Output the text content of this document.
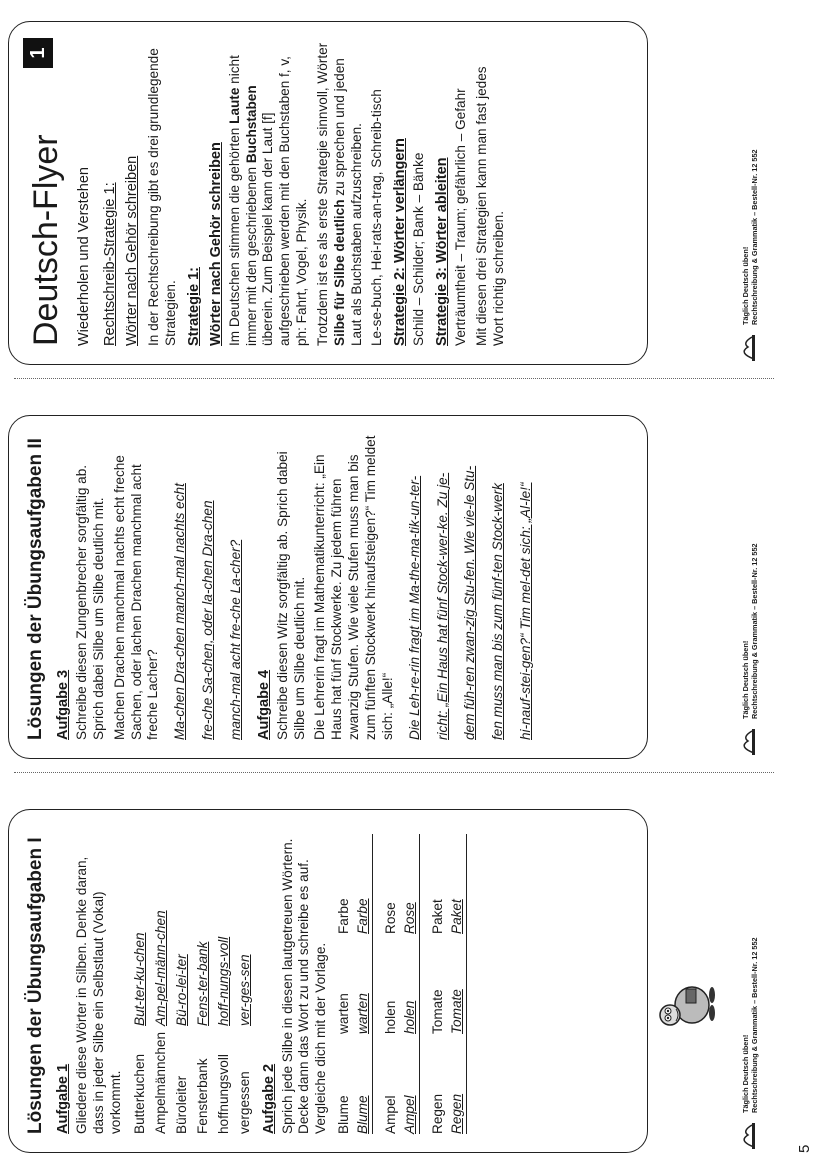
Lösungen der Übungsaufgaben I Aufgabe 1 Gliedere diese Wörter in Silben. Denke daran, dass in jeder Silbe ein Selbstlaut (Vokal) vorkommt. Butterkuchen	But-ter-ku-chen
Ampelmännchen	Am-pel-männ-chen
Büroleiter	Bü-ro-lei-ter
Fensterbank	Fens-ter-bank
hoffnungsvoll	hoff-nungs-voll
vergessen	ver-ges-sen
Aufgabe 2 Sprich jede Silbe in diesen lautgetreuen Wörtern. Decke dann das Wort zu und schreibe es auf. Vergleiche dich mit der Vorlage. Blume	warten	Farbe
Blume	warten	Farbe
Ampel	holen	Rose
Ampel	holen	Rose
Regen	Tomate	Paket
Regen	Tomate	Paket
Täglich Deutsch üben! Rechtschreibung & Grammatik – Bestell-Nr. 12 552
Lösungen der Übungsaufgaben II Aufgabe 3 Schreibe diesen Zungenbrecher sorgfältig ab. Sprich dabei Silbe um Silbe deutlich mit. Machen Drachen manchmal nachts echt freche Sachen, oder lachen Drachen manchmal acht freche Lacher? Ma-chen Dra-chen manch-mal nachts echt fre-che Sa-chen, oder la-chen Dra-chen manch-mal acht fre-che La-cher? Aufgabe 4 Schreibe diesen Witz sorgfältig ab. Sprich dabei Silbe um Silbe deutlich mit. Die Lehrerin fragt im Mathematikunterricht: „Ein Haus hat fünf Stockwerke. Zu jedem führen zwanzig Stufen. Wie viele Stufen muss man bis zum fünften Stockwerk hinaufsteigen?“ Tim meldet sich: „Alle!“ Die Leh-re-rin fragt im Ma-the-ma-tik-un-ter- richt: „Ein Haus hat fünf Stock-wer-ke. Zu je- dem füh-ren zwan-zig Stu-fen. Wie vie-le Stu- fen muss man bis zum fünf-ten Stock-werk hi-nauf-stei-gen?“ Tim mel-det sich: „Al-le!“	Täglich Deutsch üben! Rechtschreibung & Grammatik – Bestell-Nr. 12 552
1
Deutsch-Flyer Wiederholen und Verstehen Rechtschreib-Strategie 1: Wörter nach Gehör schreiben In der Rechtschreibung gibt es drei grundlegende Strategien. Strategie 1: Wörter nach Gehör schreiben Im Deutschen stimmen die gehörten Laute nicht immer mit den geschriebenen Buchstaben überein. Zum Beispiel kann der Laut [f] aufgeschrieben werden mit den Buchstaben f, v, ph: Fahrt, Vogel, Physik. Trotzdem ist es als erste Strategie sinnvoll, Wörter Silbe für Silbe deutlich zu sprechen und jeden Laut als Buchstaben aufzuschreiben. Le-se-buch, Hei-rats-an-trag, Schreib-tisch Strategie 2: Wörter verlängern Schild – Schilder; Bank – Bänke Strategie 3: Wörter ableiten Verträumtheit – Traum; gefährlich – Gefahr Mit diesen drei Strategien kann man fast jedes Wort richtig schreiben.	Täglich Deutsch üben! Rechtschreibung & Grammatik – Bestell-Nr. 12 552
5
